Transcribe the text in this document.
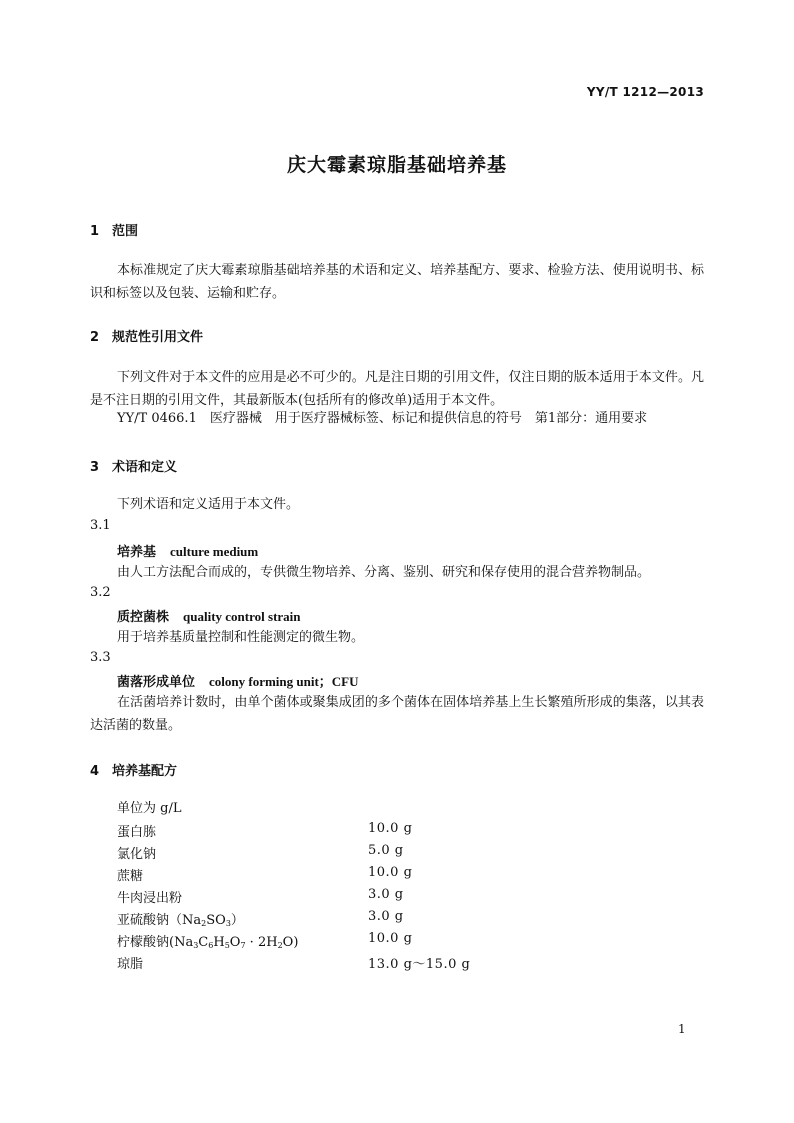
YY/T 1212—2013
庆大霉素琼脂基础培养基
1 范围
本标准规定了庆大霉素琼脂基础培养基的术语和定义、培养基配方、要求、检验方法、使用说明书、标识和标签以及包装、运输和贮存。
2 规范性引用文件
下列文件对于本文件的应用是必不可少的。凡是注日期的引用文件，仅注日期的版本适用于本文件。凡是不注日期的引用文件，其最新版本(包括所有的修改单)适用于本文件。
YY/T 0466.1　医疗器械　用于医疗器械标签、标记和提供信息的符号　第1部分：通用要求
3 术语和定义
下列术语和定义适用于本文件。
3.1
培养基 culture medium
由人工方法配合而成的，专供微生物培养、分离、鉴别、研究和保存使用的混合营养物制品。
3.2
质控菌株 quality control strain
用于培养基质量控制和性能测定的微生物。
3.3
菌落形成单位 colony forming unit；CFU
在活菌培养计数时，由单个菌体或聚集成团的多个菌体在固体培养基上生长繁殖所形成的集落，以其表达活菌的数量。
4 培养基配方
单位为 g/L
蛋白胨	10.0 g
氯化钠	5.0 g
蔗糖	10.0 g
牛肉浸出粉	3.0 g
亚硫酸钠$(Na_2SO_3)$	3.0 g
柠檬酸钠$(Na_3C_6H_5O_7 \cdot 2H_2O)$	10.0 g
琼脂	13.0 g～15.0 g
1
